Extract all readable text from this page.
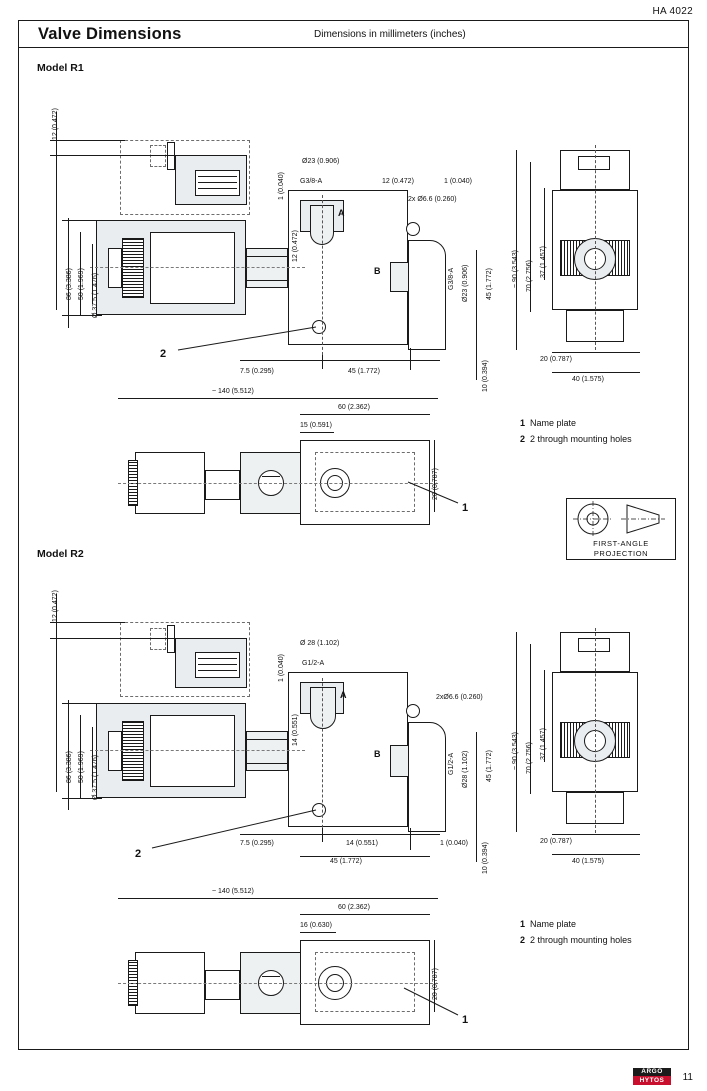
HA 4022
Valve Dimensions	Dimensions in millimeters (inches)
Model R1
12 (0.472)
86 (3.386) 50 (1.969) Ø 37.5 (1.476)
1 (0.040)
12 (0.472)
Ø23 (0.906)
G3/8-A
A
B	G3/8-A Ø23 (0.906)
12 (0.472)	1 (0.040)
2x Ø6.6 (0.260)
45 (1.772)
10 (0.394)
7.5 (0.295)	45 (1.772)
2
~ 90 (3.543) 70 (2.756) 37 (1.457)
20 (0.787)
40 (1.575)
~ 140 (5.512)
60 (2.362)
15 (0.591)
20 (0.787)
1
1 Name plate
2 2 through mounting holes
FIRST-ANGLE
PROJECTION
Model R2
12 (0.472)
86 (3.386) 50 (1.969) Ø 37.5 (1.476)
1 (0.040)
14 (0.551)
Ø 28 (1.102)
G1/2-A
A
B	G1/2-A Ø28 (1.102)
1 (0.040)
2xØ6.6 (0.260)
45 (1.772)
10 (0.394)
7.5 (0.295)	14 (0.551)
45 (1.772)
2
~ 90 (3.543) 70 (2.756) 37 (1.457)
20 (0.787)
40 (1.575)
~ 140 (5.512)
60 (2.362)
16 (0.630)
20 (0.787)
1
1 Name plate
2 2 through mounting holes
ARGO
HYTOS	11
